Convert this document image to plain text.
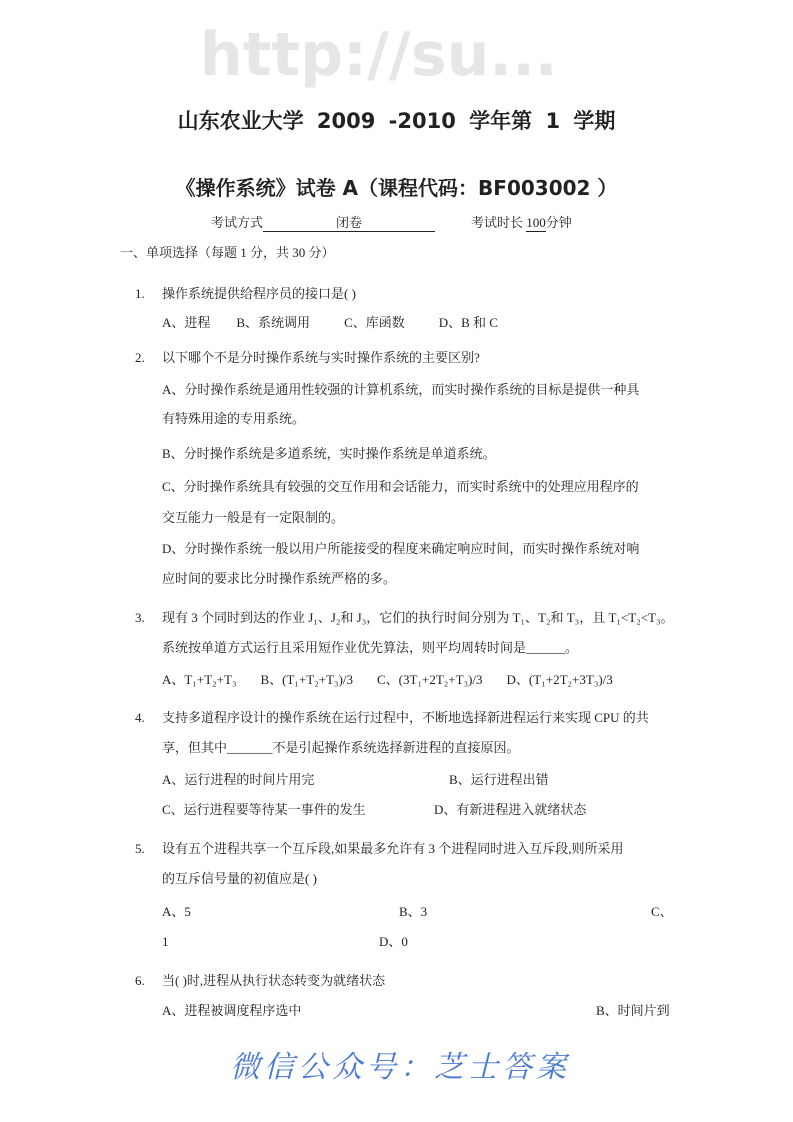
http://su...
微信公众号：芝士答案
山东农业大学 2009 -2010 学年第 1 学期
《操作系统》试卷 A（课程代码：BF003002 ）
考试方式	闭卷	考试时长 100分钟
一、单项选择（每题 1 分，共 30 分）
1. 操作系统提供给程序员的接口是( )
A、进程 B、系统调用	C、库函数	D、B 和 C
2. 以下哪个不是分时操作系统与实时操作系统的主要区别?
A、分时操作系统是通用性较强的计算机系统，而实时操作系统的目标是提供一种具
有特殊用途的专用系统。
B、分时操作系统是多道系统，实时操作系统是单道系统。
C、分时操作系统具有较强的交互作用和会话能力，而实时系统中的处理应用程序的
交互能力一般是有一定限制的。
D、分时操作系统一般以用户所能接受的程度来确定响应时间，而实时操作系统对响
应时间的要求比分时操作系统严格的多。
3. 现有 3 个同时到达的作业 J₁、J₂和 J₃，它们的执行时间分别为 T₁、T₂和 T₃，且 T₁<T₂<T₃。
系统按单道方式运行且采用短作业优先算法，则平均周转时间是______。
A、T₁+T₂+T₃ B、(T₁+T₂+T₃)/3 C、(3T₁+2T₂+T₃)/3 D、(T₁+2T₂+3T₃)/3
4. 支持多道程序设计的操作系统在运行过程中，不断地选择新进程运行来实现 CPU 的共
享，但其中_______不是引起操作系统选择新进程的直接原因。
A、运行进程的时间片用完	B、运行进程出错
C、运行进程要等待某一事件的发生	D、有新进程进入就绪状态
5. 设有五个进程共享一个互斥段,如果最多允许有 3 个进程同时进入互斥段,则所采用
的互斥信号量的初值应是( )
A、5	B、3	C、
1	D、0
6. 当( )时,进程从执行状态转变为就绪状态
A、进程被调度程序选中	B、时间片到
